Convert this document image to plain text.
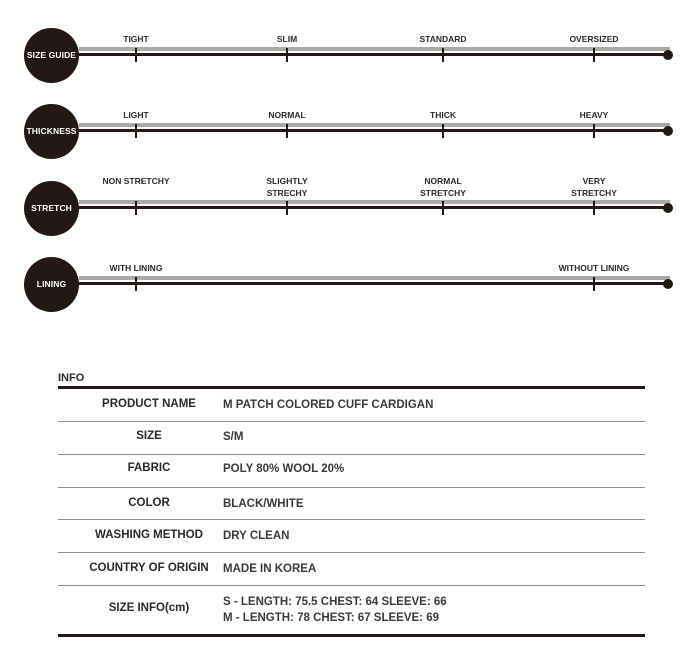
SIZE GUIDE
TIGHT	SLIM	STANDARD	OVERSIZED
THICKNESS
LIGHT	NORMAL	THICK	HEAVY
STRETCH
NON STRETCHY	SLIGHTLY
STRECHY
NORMAL
STRETCHY
VERY
STRETCHY
LINING
WITH LINING	WITHOUT LINING
INFO
PRODUCT NAME	M PATCH COLORED CUFF CARDIGAN
SIZE	S/M
FABRIC	POLY 80% WOOL 20%
COLOR	BLACK/WHITE
WASHING METHOD	DRY CLEAN
COUNTRY OF ORIGIN	MADE IN KOREA
SIZE INFO(cm)	S - LENGTH: 75.5 CHEST: 64 SLEEVE: 66
M - LENGTH: 78 CHEST: 67 SLEEVE: 69
